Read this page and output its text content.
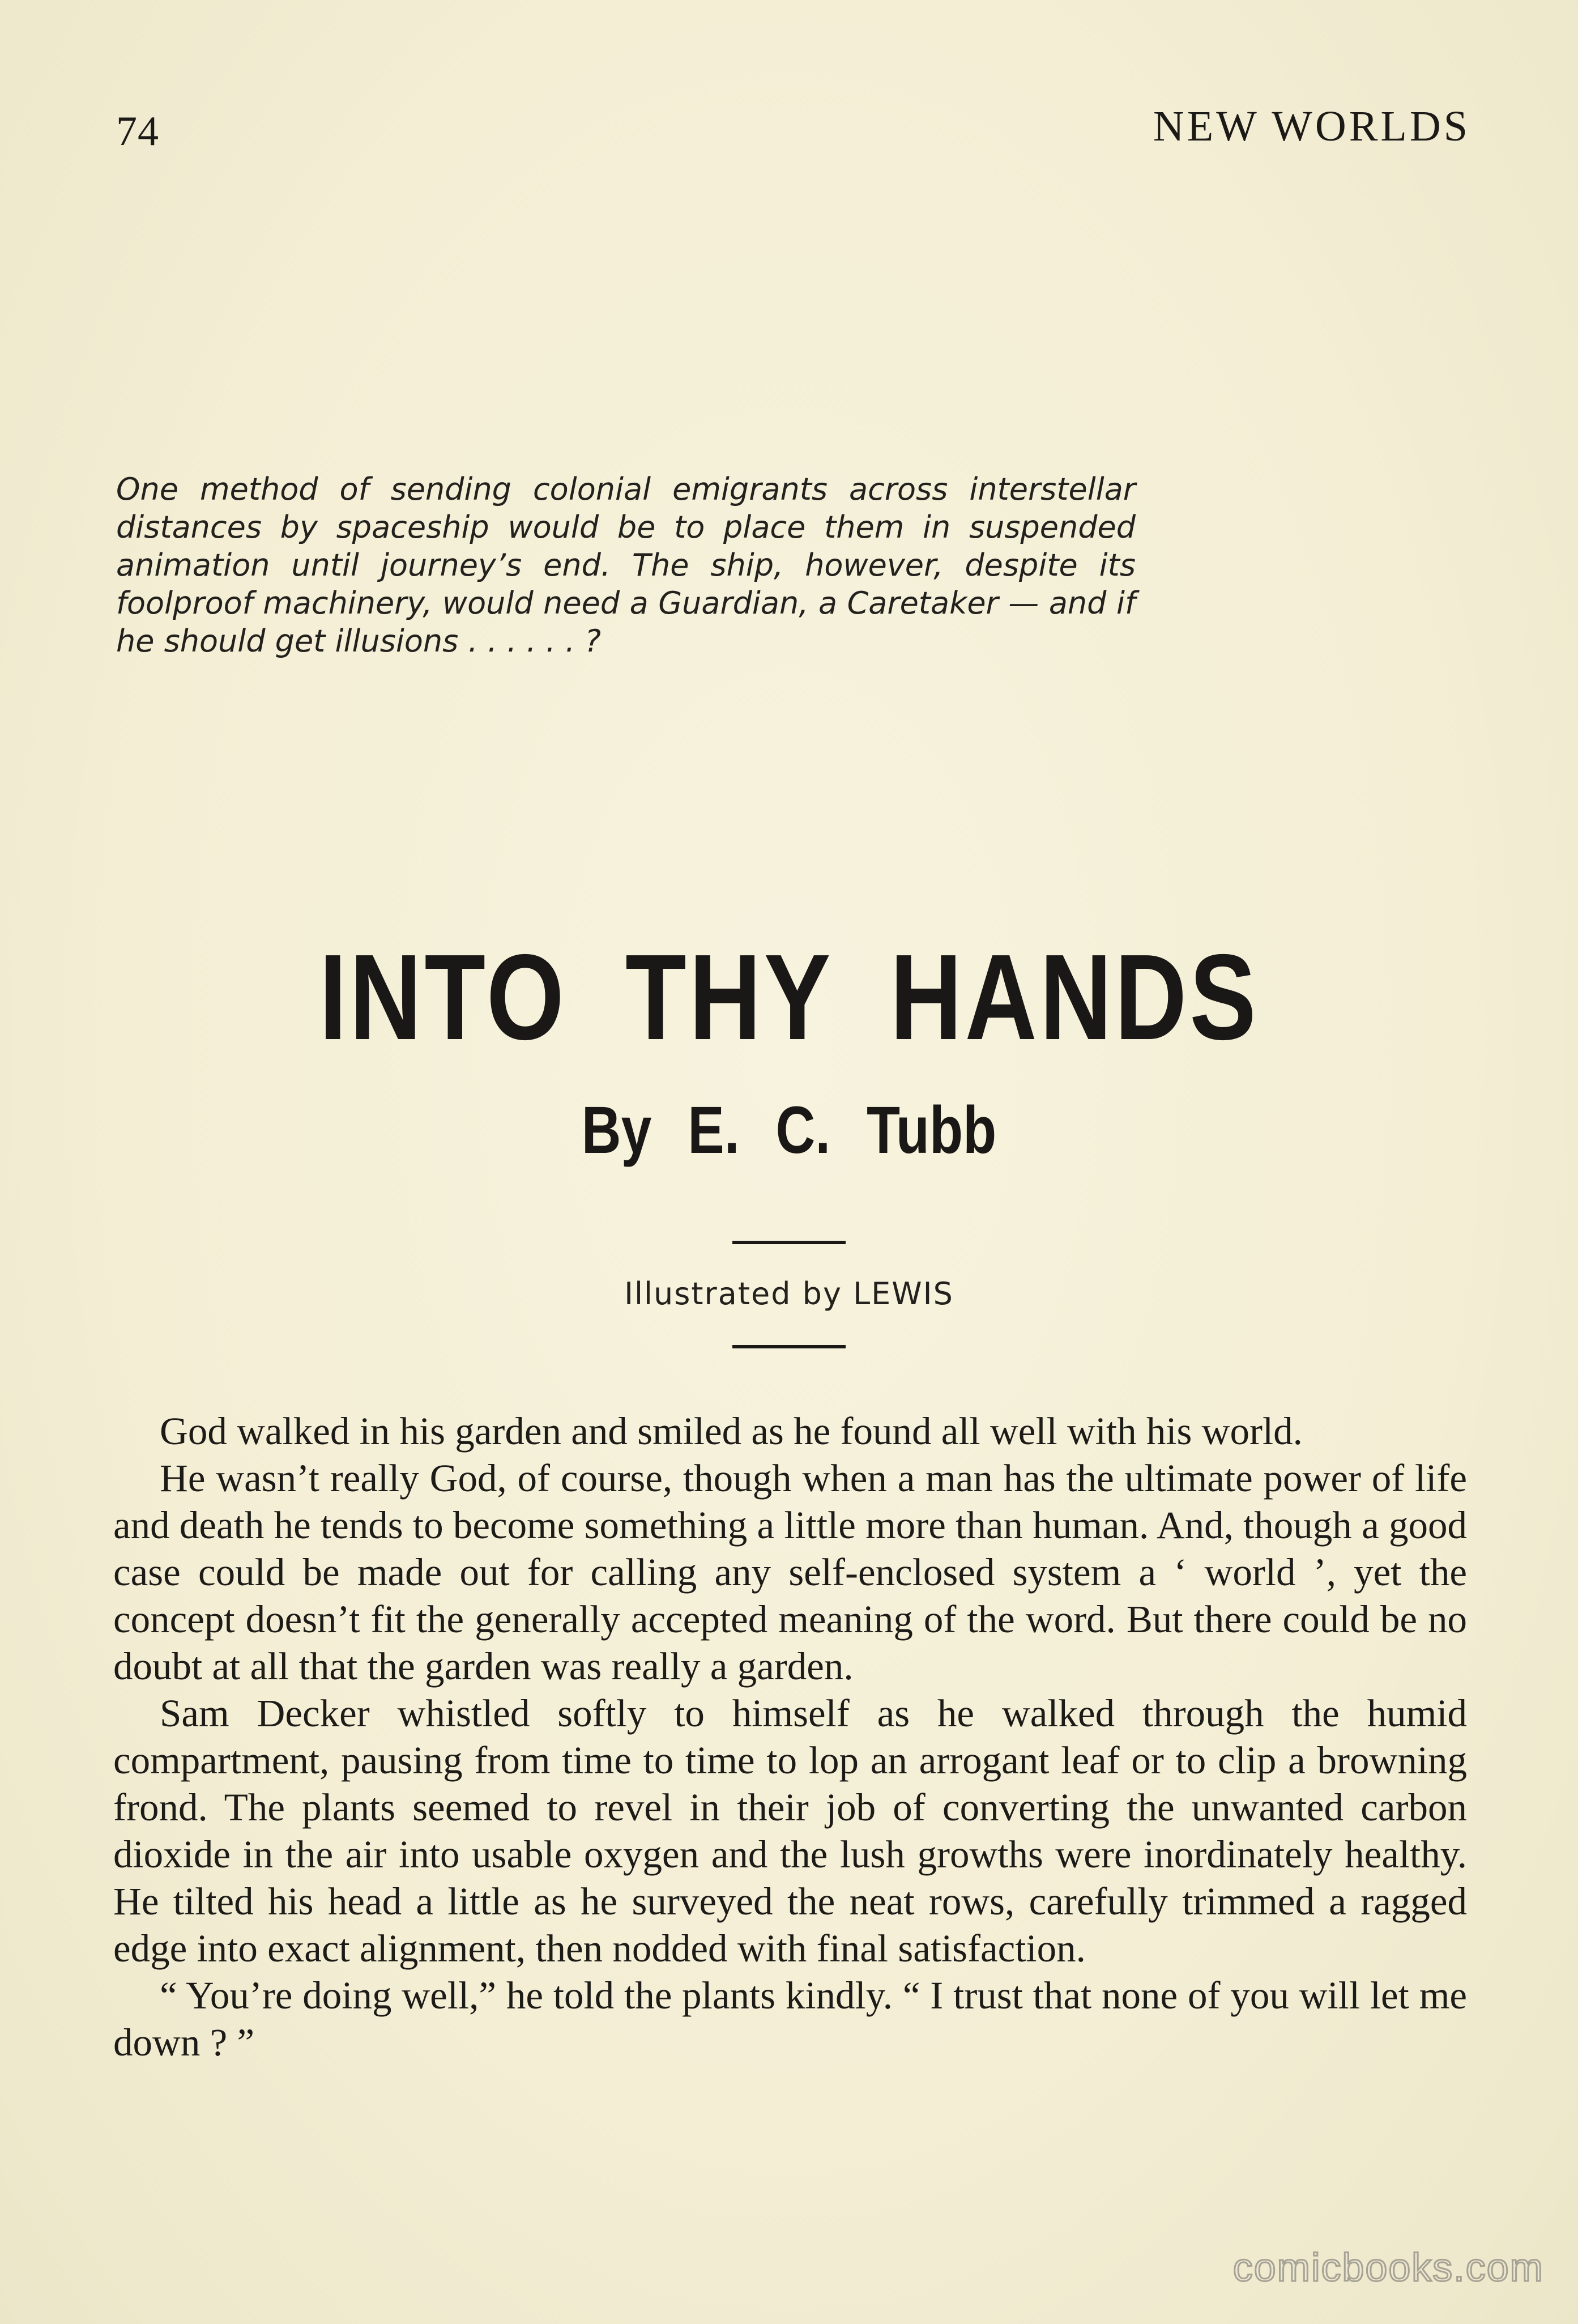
74	NEW WORLDS
One method of sending colonial emigrants across interstellar distances by spaceship would be to place them in suspended animation until journey’s end. The ship, however, despite its foolproof machinery, would need a Guardian, a Caretaker — and if he should get illusions . . . . . . ?
INTO THY HANDS
By E. C. Tubb
Illustrated by LEWIS

God walked in his garden and smiled as he found all well with his world.

He wasn’t really God, of course, though when a man has the ultimate power of life and death he tends to become something a little more than human. And, though a good case could be made out for calling any self-enclosed system a ‘ world ’, yet the concept doesn’t fit the generally accepted meaning of the word. But there could be no doubt at all that the garden was really a garden.

Sam Decker whistled softly to himself as he walked through the humid compartment, pausing from time to time to lop an arrogant leaf or to clip a browning frond. The plants seemed to revel in their job of converting the unwanted carbon dioxide in the air into usable oxygen and the lush growths were inordinately healthy. He tilted his head a little as he surveyed the neat rows, carefully trimmed a ragged edge into exact alignment, then nodded with final satisfaction.

“ You’re doing well,” he told the plants kindly. “ I trust that none of you will let me down ? ”

comicbooks.com
